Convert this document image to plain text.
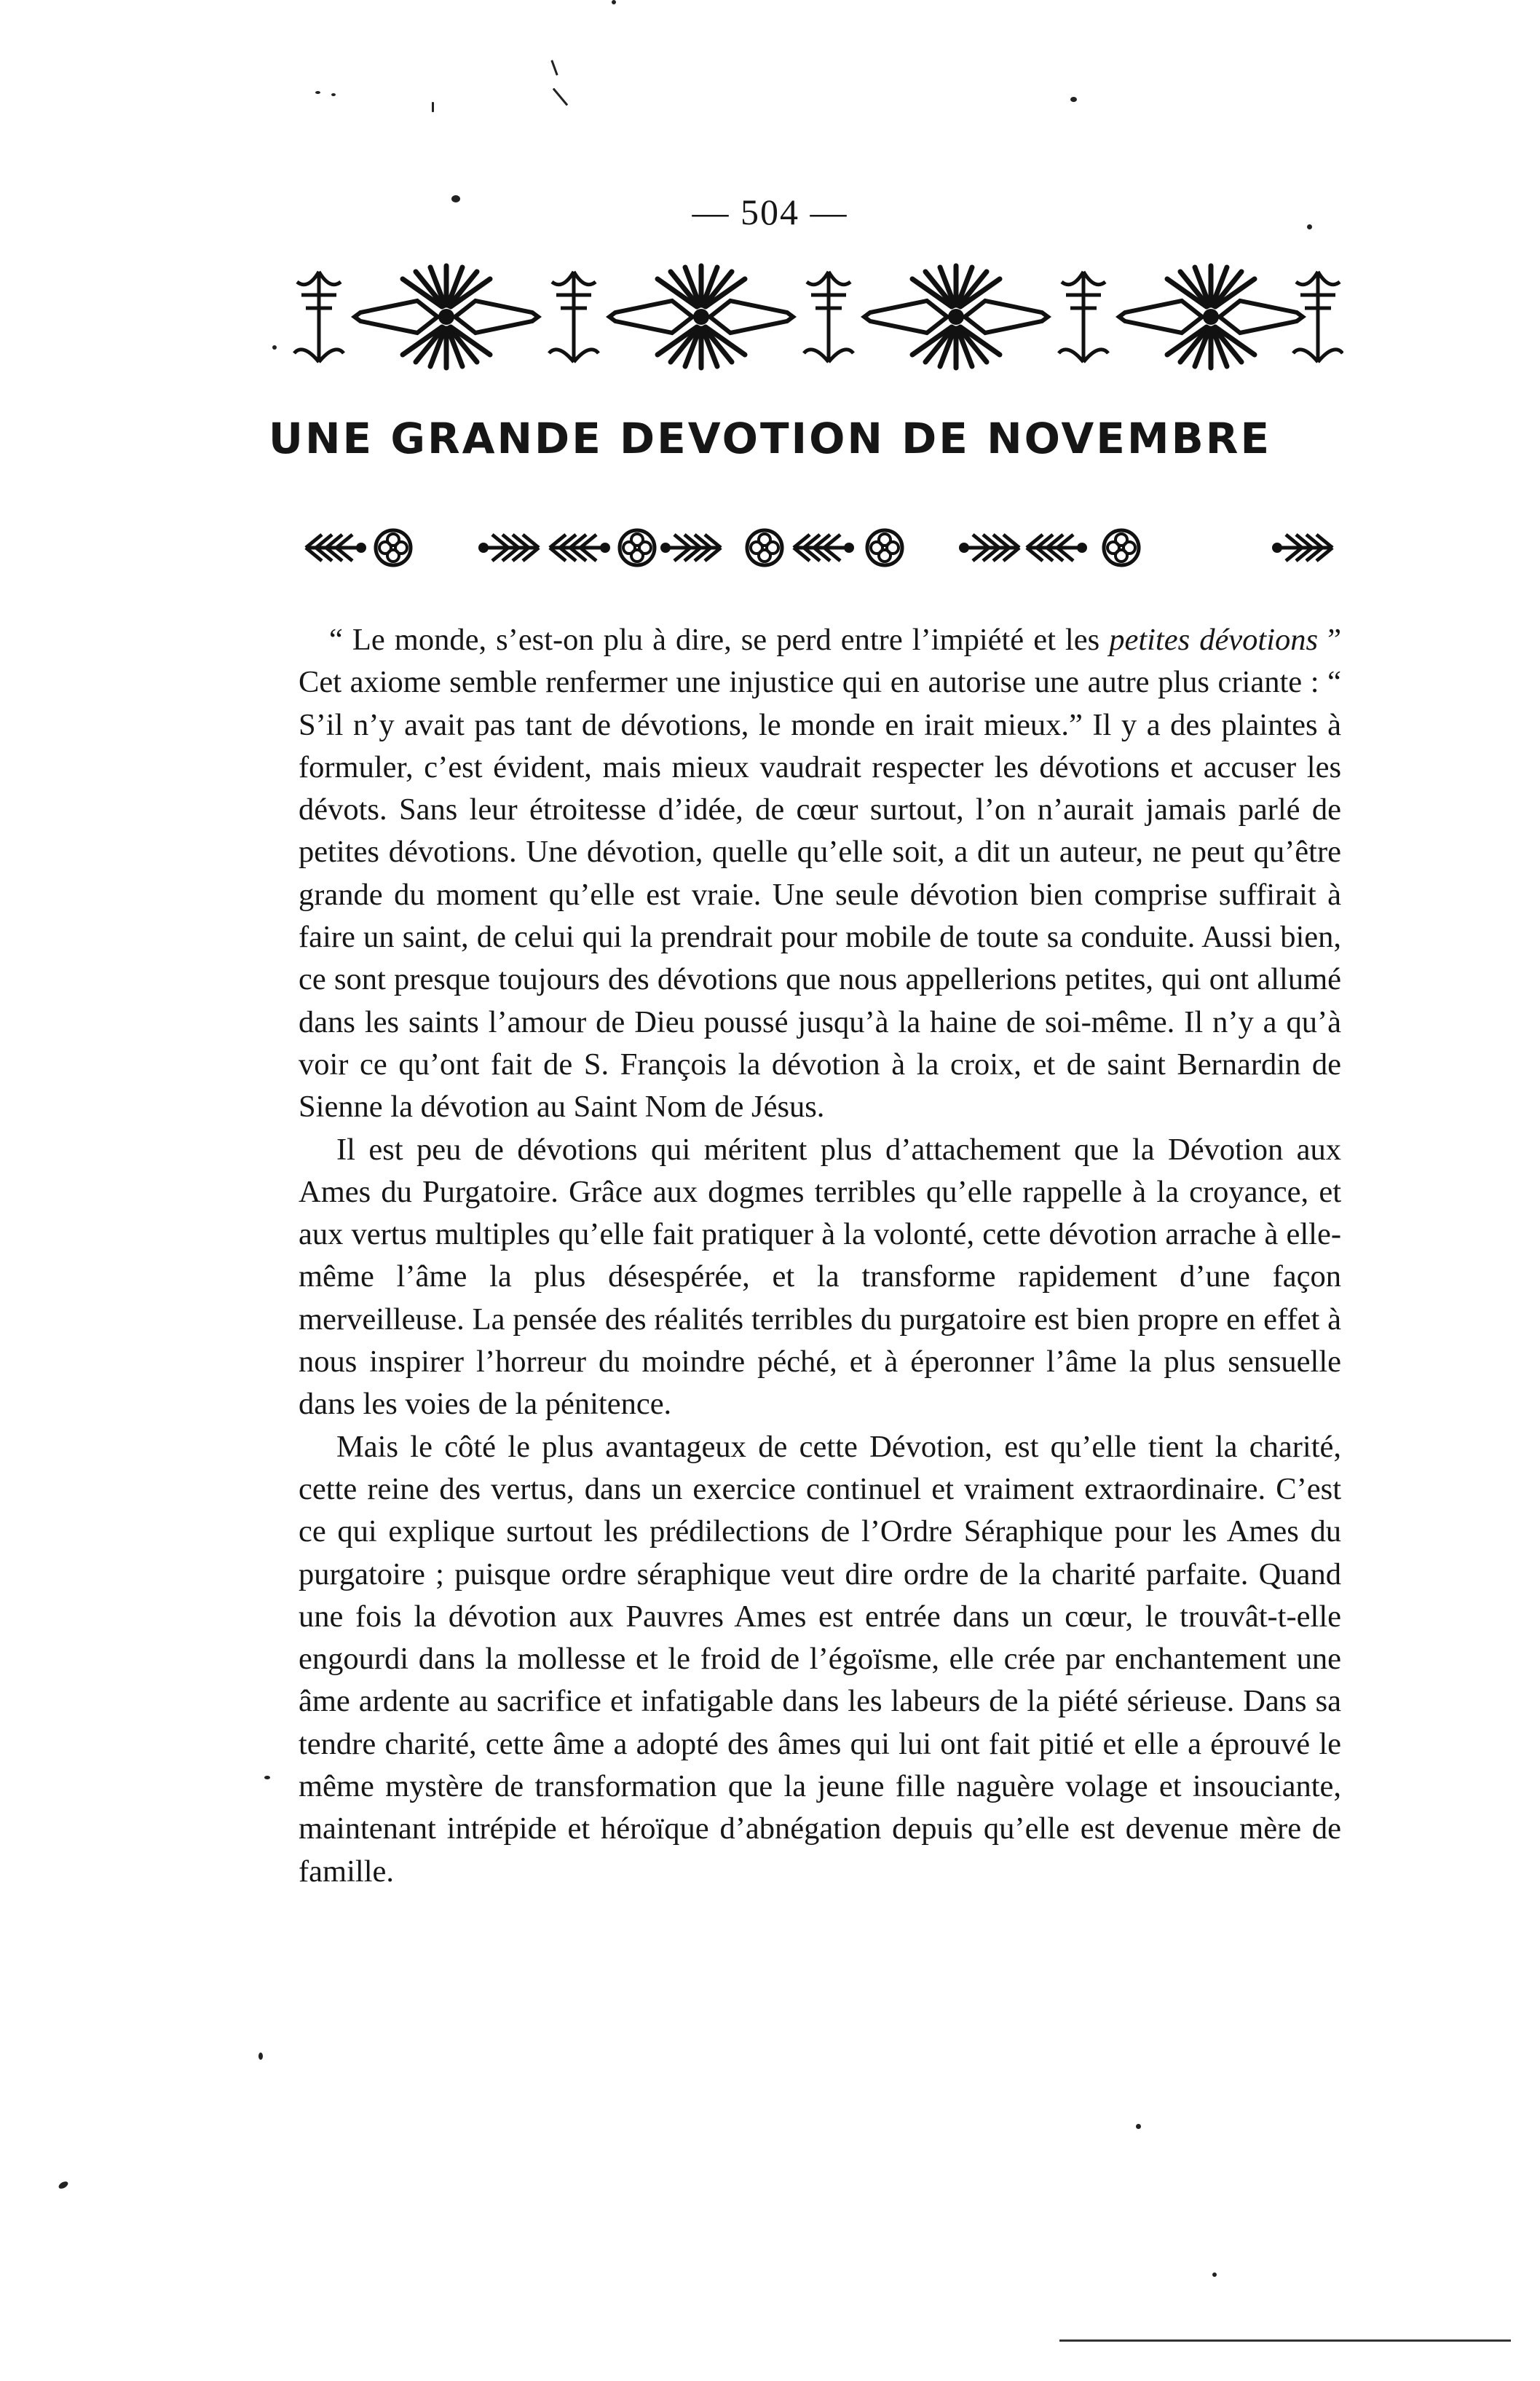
— 504 —
UNE GRANDE DEVOTION DE NOVEMBRE

“ Le monde, s’est-on plu à dire, se perd entre l’impiété et les petites dévotions ” Cet axiome semble renfermer une injustice qui en autorise une autre plus criante : “ S’il n’y avait pas tant de dévotions, le monde en irait mieux.” Il y a des plaintes à formuler, c’est évident, mais mieux vaudrait respecter les dévotions et accuser les dévots. Sans leur étroitesse d’idée, de cœur surtout, l’on n’aurait jamais parlé de petites dévotions. Une dévotion, quelle qu’elle soit, a dit un auteur, ne peut qu’être grande du moment qu’elle est vraie. Une seule dévotion bien comprise suffirait à faire un saint, de celui qui la prendrait pour mobile de toute sa conduite. Aussi bien, ce sont presque toujours des dévotions que nous appellerions petites, qui ont allumé dans les saints l’amour de Dieu poussé jusqu’à la haine de soi-même. Il n’y a qu’à voir ce qu’ont fait de S. François la dévotion à la croix, et de saint Bernardin de Sienne la dévotion au Saint Nom de Jésus.

Il est peu de dévotions qui méritent plus d’attachement que la Dévotion aux Ames du Purgatoire. Grâce aux dogmes terribles qu’elle rappelle à la croyance, et aux vertus multiples qu’elle fait pratiquer à la volonté, cette dévotion arrache à elle-même l’âme la plus désespérée, et la transforme rapidement d’une façon merveilleuse. La pensée des réalités terribles du purgatoire est bien propre en effet à nous inspirer l’horreur du moindre péché, et à éperonner l’âme la plus sensuelle dans les voies de la pénitence.

Mais le côté le plus avantageux de cette Dévotion, est qu’elle tient la charité, cette reine des vertus, dans un exercice continuel et vraiment extraordinaire. C’est ce qui explique surtout les prédilections de l’Ordre Séraphique pour les Ames du purgatoire ; puisque ordre séraphique veut dire ordre de la charité parfaite. Quand une fois la dévotion aux Pauvres Ames est entrée dans un cœur, le trouvât-t-elle engourdi dans la mollesse et le froid de l’égoïsme, elle crée par enchantement une âme ardente au sacrifice et infatigable dans les labeurs de la piété sérieuse. Dans sa tendre charité, cette âme a adopté des âmes qui lui ont fait pitié et elle a éprouvé le même mystère de transformation que la jeune fille naguère volage et insouciante, maintenant intrépide et héroïque d’abnégation depuis qu’elle est devenue mère de famille.
